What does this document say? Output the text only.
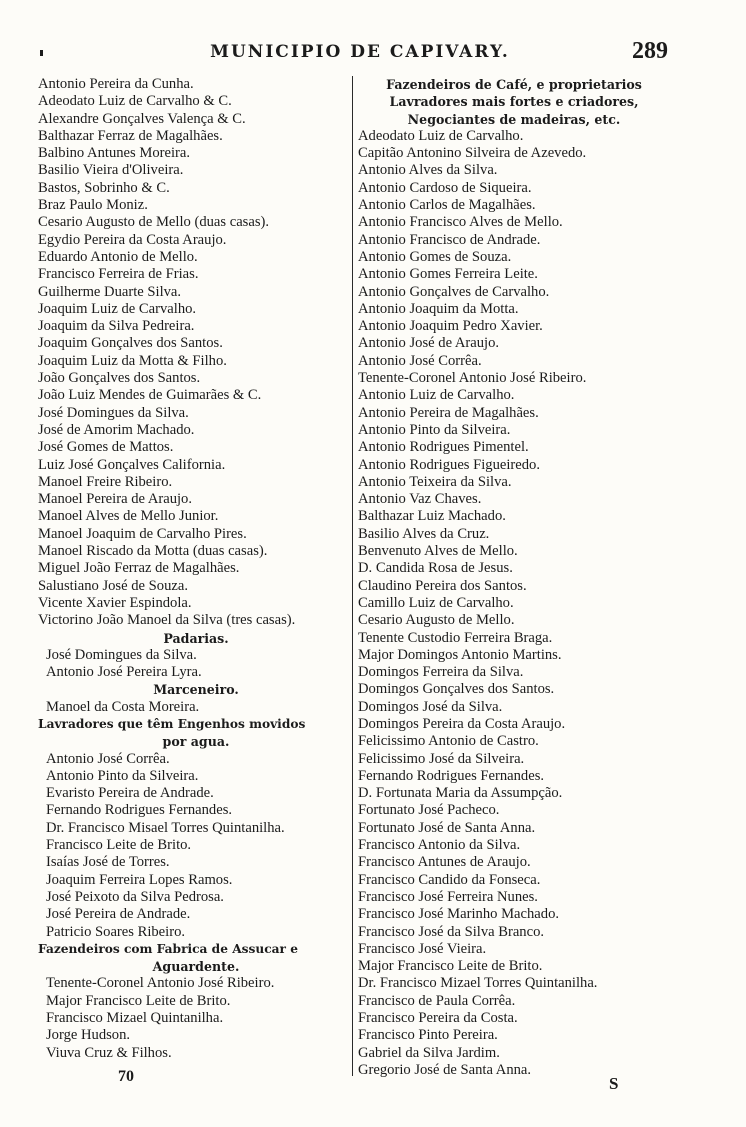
MUNICIPIO DE CAPIVARY.	289
Antonio Pereira da Cunha.
Adeodato Luiz de Carvalho & C.
Alexandre Gonçalves Valença & C.
Balthazar Ferraz de Magalhães.
Balbino Antunes Moreira.
Basilio Vieira d'Oliveira.
Bastos, Sobrinho & C.
Braz Paulo Moniz.
Cesario Augusto de Mello (duas casas).
Egydio Pereira da Costa Araujo.
Eduardo Antonio de Mello.
Francisco Ferreira de Frias.
Guilherme Duarte Silva.
Joaquim Luiz de Carvalho.
Joaquim da Silva Pedreira.
Joaquim Gonçalves dos Santos.
Joaquim Luiz da Motta & Filho.
João Gonçalves dos Santos.
João Luiz Mendes de Guimarães & C.
José Domingues da Silva.
José de Amorim Machado.
José Gomes de Mattos.
Luiz José Gonçalves California.
Manoel Freire Ribeiro.
Manoel Pereira de Araujo.
Manoel Alves de Mello Junior.
Manoel Joaquim de Carvalho Pires.
Manoel Riscado da Motta (duas casas).
Miguel João Ferraz de Magalhães.
Salustiano José de Souza.
Vicente Xavier Espindola.
Victorino João Manoel da Silva (tres casas).
Padarias.
José Domingues da Silva.
Antonio José Pereira Lyra.
Marceneiro.
Manoel da Costa Moreira.
Lavradores que têm Engenhos movidos
por agua.
Antonio José Corrêa.
Antonio Pinto da Silveira.
Evaristo Pereira de Andrade.
Fernando Rodrigues Fernandes.
Dr. Francisco Misael Torres Quintanilha.
Francisco Leite de Brito.
Isaías José de Torres.
Joaquim Ferreira Lopes Ramos.
José Peixoto da Silva Pedrosa.
José Pereira de Andrade.
Patricio Soares Ribeiro.
Fazendeiros com Fabrica de Assucar e
Aguardente.
Tenente-Coronel Antonio José Ribeiro.
Major Francisco Leite de Brito.
Francisco Mizael Quintanilha.
Jorge Hudson.
Viuva Cruz & Filhos.
Fazendeiros de Café, e proprietarios
Lavradores mais fortes e criadores,
Negociantes de madeiras, etc.
Adeodato Luiz de Carvalho.
Capitão Antonino Silveira de Azevedo.
Antonio Alves da Silva.
Antonio Cardoso de Siqueira.
Antonio Carlos de Magalhães.
Antonio Francisco Alves de Mello.
Antonio Francisco de Andrade.
Antonio Gomes de Souza.
Antonio Gomes Ferreira Leite.
Antonio Gonçalves de Carvalho.
Antonio Joaquim da Motta.
Antonio Joaquim Pedro Xavier.
Antonio José de Araujo.
Antonio José Corrêa.
Tenente-Coronel Antonio José Ribeiro.
Antonio Luiz de Carvalho.
Antonio Pereira de Magalhães.
Antonio Pinto da Silveira.
Antonio Rodrigues Pimentel.
Antonio Rodrigues Figueiredo.
Antonio Teixeira da Silva.
Antonio Vaz Chaves.
Balthazar Luiz Machado.
Basilio Alves da Cruz.
Benvenuto Alves de Mello.
D. Candida Rosa de Jesus.
Claudino Pereira dos Santos.
Camillo Luiz de Carvalho.
Cesario Augusto de Mello.
Tenente Custodio Ferreira Braga.
Major Domingos Antonio Martins.
Domingos Ferreira da Silva.
Domingos Gonçalves dos Santos.
Domingos José da Silva.
Domingos Pereira da Costa Araujo.
Felicissimo Antonio de Castro.
Felicissimo José da Silveira.
Fernando Rodrigues Fernandes.
D. Fortunata Maria da Assumpção.
Fortunato José Pacheco.
Fortunato José de Santa Anna.
Francisco Antonio da Silva.
Francisco Antunes de Araujo.
Francisco Candido da Fonseca.
Francisco José Ferreira Nunes.
Francisco José Marinho Machado.
Francisco José da Silva Branco.
Francisco José Vieira.
Major Francisco Leite de Brito.
Dr. Francisco Mizael Torres Quintanilha.
Francisco de Paula Corrêa.
Francisco Pereira da Costa.
Francisco Pinto Pereira.
Gabriel da Silva Jardim.
Gregorio José de Santa Anna.
70	S
